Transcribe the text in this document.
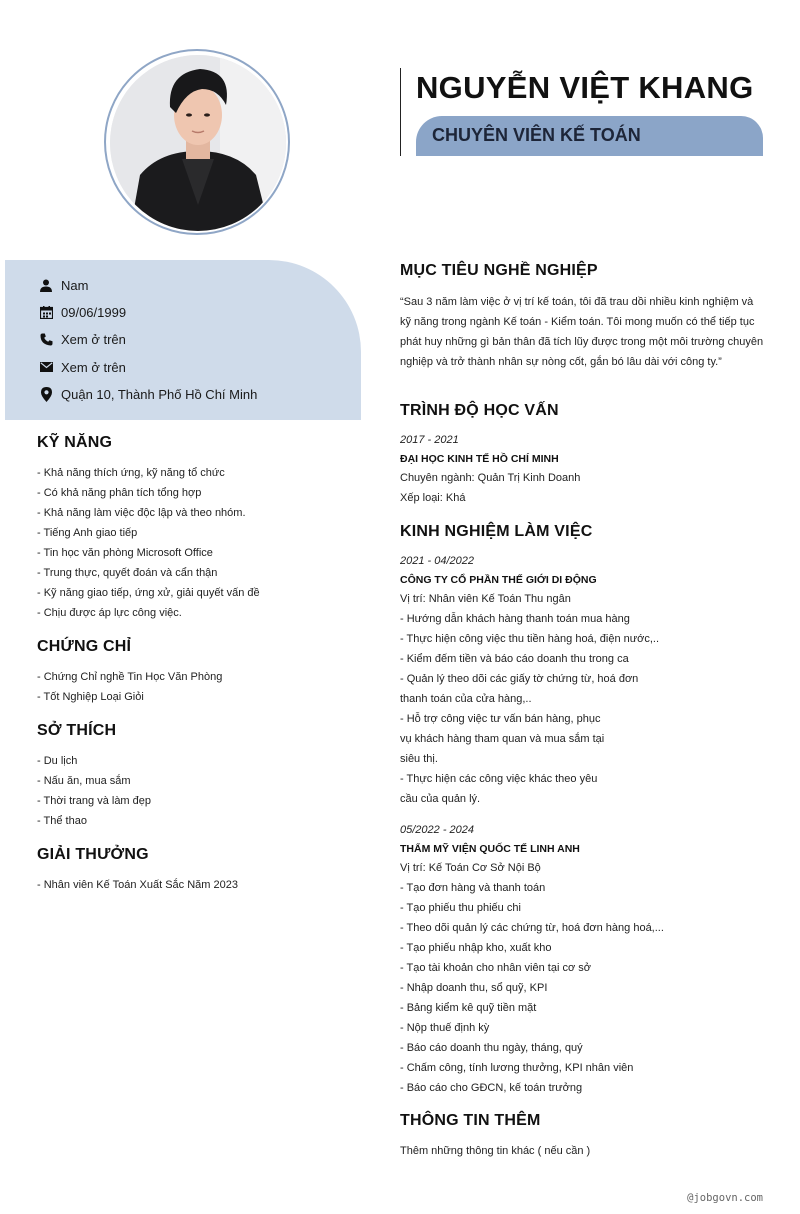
NGUYỄN VIỆT KHANG
CHUYÊN VIÊN KẾ TOÁN
Nam
09/06/1999
Xem ở trên
Xem ở trên
Quận 10, Thành Phố Hồ Chí Minh
KỸ NĂNG
- Khả năng thích ứng, kỹ năng tổ chức
- Có khả năng phân tích tổng hợp
- Khả năng làm việc độc lập và theo nhóm.
- Tiếng Anh giao tiếp
- Tin học văn phòng Microsoft Office
- Trung thực, quyết đoán và cẩn thận
- Kỹ năng giao tiếp, ứng xử, giải quyết vấn đề
- Chịu được áp lực công việc.
CHỨNG CHỈ
- Chứng Chỉ nghề Tin Học Văn Phòng
- Tốt Nghiệp Loại Giỏi
SỞ THÍCH
- Du lịch
- Nấu ăn, mua sắm
- Thời trang và làm đẹp
- Thể thao
GIẢI THƯỞNG
- Nhân viên Kế Toán Xuất Sắc Năm 2023
MỤC TIÊU NGHỀ NGHIỆP
“Sau 3 năm làm việc ở vị trí kế toán, tôi đã trau dồi nhiều kinh nghiệm và kỹ năng trong ngành Kế toán - Kiểm toán. Tôi mong muốn có thể tiếp tục phát huy những gì bản thân đã tích lũy được trong một môi trường chuyên nghiệp và trở thành nhân sự nòng cốt, gắn bó lâu dài với công ty.”
TRÌNH ĐỘ HỌC VẤN
2017 - 2021
ĐẠI HỌC KINH TẾ HỒ CHÍ MINH
Chuyên ngành: Quản Trị Kinh Doanh
Xếp loại: Khá
KINH NGHIỆM LÀM VIỆC
2021 - 04/2022
CÔNG TY CỔ PHẦN THẾ GIỚI DI ĐỘNG
Vị trí: Nhân viên Kế Toán Thu ngân
- Hướng dẫn khách hàng thanh toán mua hàng
- Thực hiện công việc thu tiền hàng hoá, điện nước,..
- Kiểm đếm tiền và báo cáo doanh thu trong ca
- Quản lý theo dõi các giấy tờ chứng từ, hoá đơn
thanh toán của cửa hàng,..
- Hỗ trợ công việc tư vấn bán hàng, phục
vụ khách hàng tham quan và mua sắm tại
siêu thị.
- Thực hiện các công việc khác theo yêu
cầu của quản lý.
05/2022 - 2024
THẨM MỸ VIỆN QUỐC TẾ LINH ANH
Vị trí: Kế Toán Cơ Sở Nội Bộ
- Tạo đơn hàng và thanh toán
- Tạo phiếu thu phiếu chi
- Theo dõi quản lý các chứng từ, hoá đơn hàng hoá,...
- Tạo phiếu nhập kho, xuất kho
- Tạo tài khoản cho nhân viên tại cơ sở
- Nhập doanh thu, sổ quỹ, KPI
- Bảng kiểm kê quỹ tiền mặt
- Nộp thuế định kỳ
- Báo cáo doanh thu ngày, tháng, quý
- Chấm công, tính lương thưởng, KPI nhân viên
- Báo cáo cho GĐCN, kế toán trưởng
THÔNG TIN THÊM
Thêm những thông tin khác ( nếu cần )
@jobgovn.com
